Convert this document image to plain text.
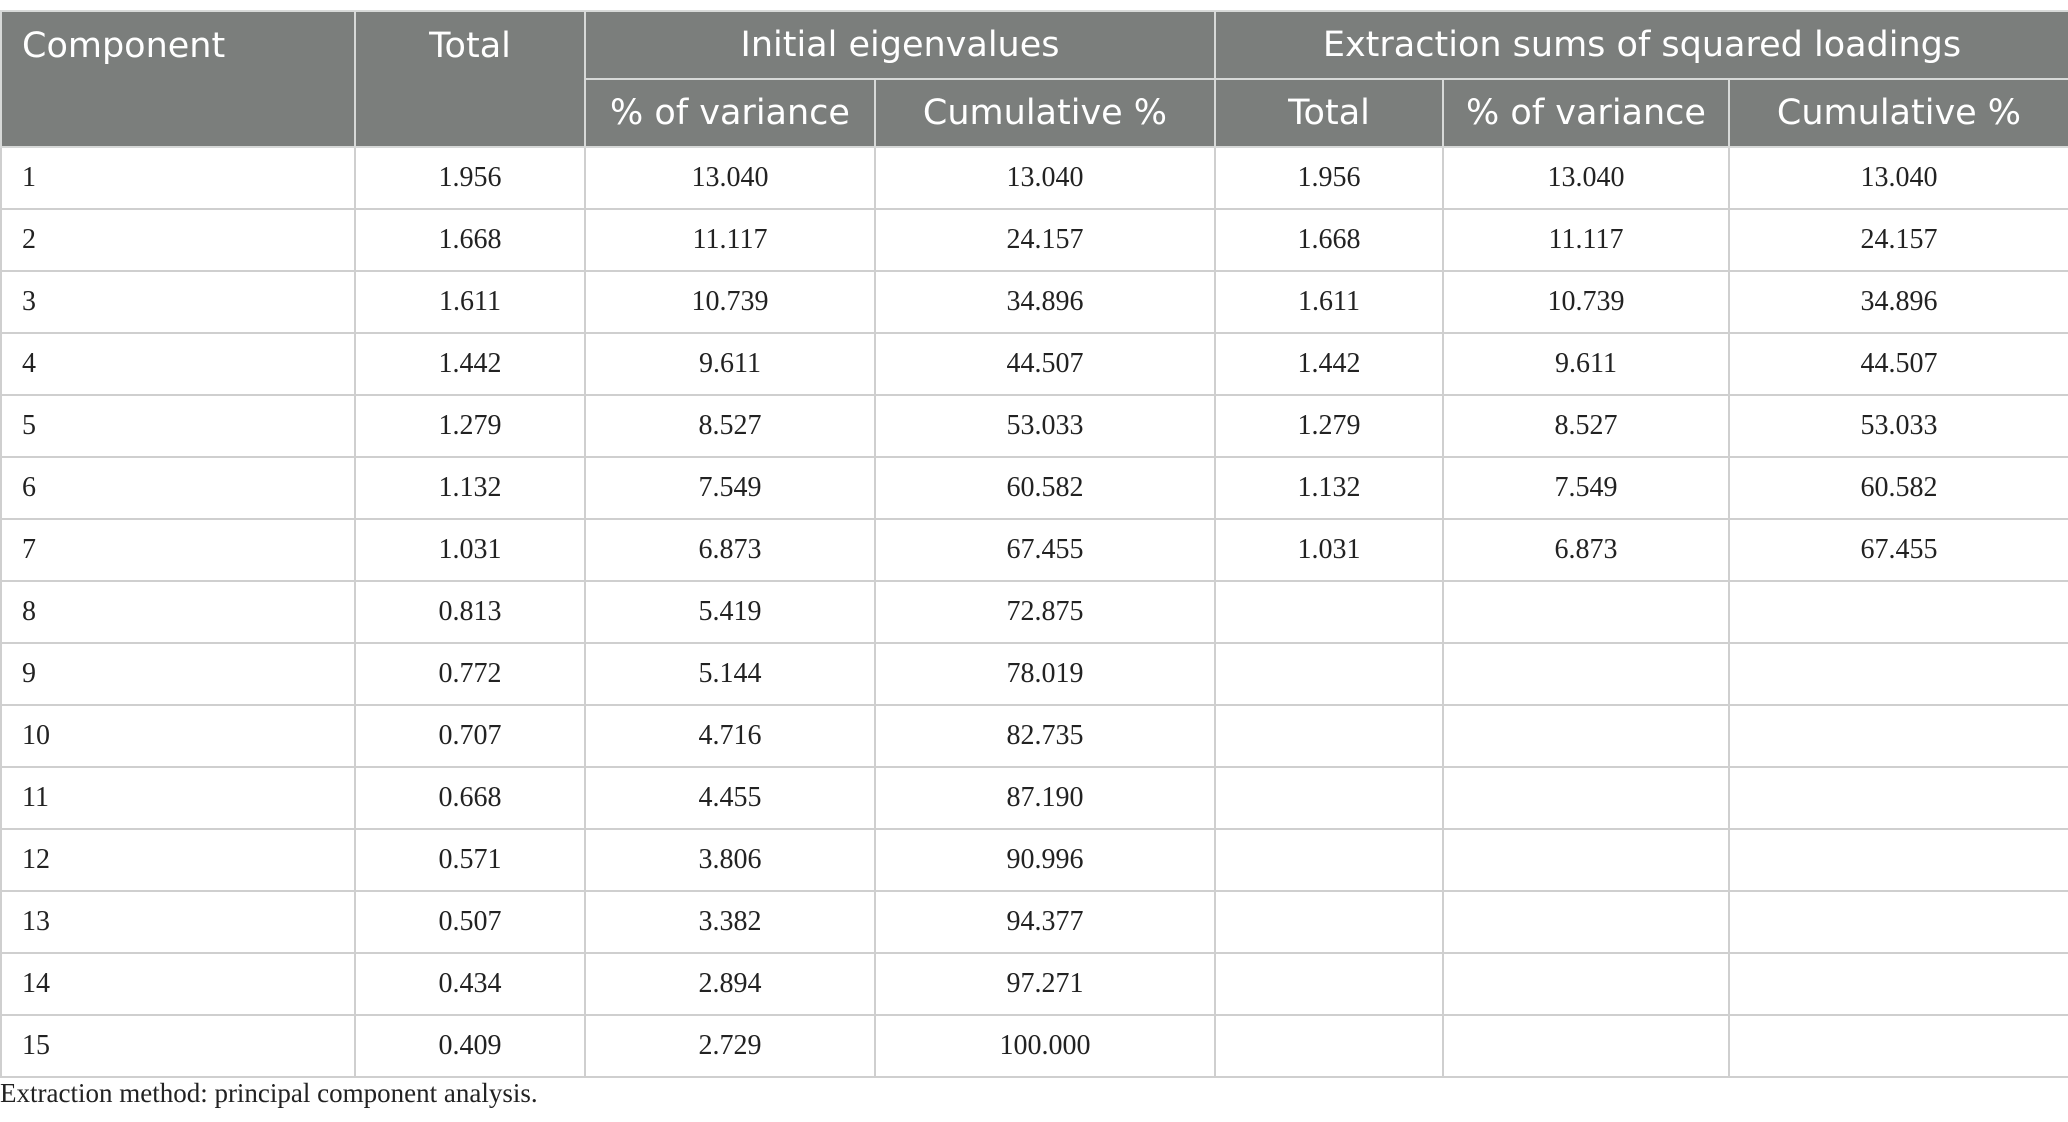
Component	Total	Initial eigenvalues		Extraction sums of squared loadings		
		% of variance	Cumulative %	Total	% of variance	Cumulative %
1	1.956	13.040	13.040	1.956	13.040	13.040
2	1.668	11.117	24.157	1.668	11.117	24.157
3	1.611	10.739	34.896	1.611	10.739	34.896
4	1.442	9.611	44.507	1.442	9.611	44.507
5	1.279	8.527	53.033	1.279	8.527	53.033
6	1.132	7.549	60.582	1.132	7.549	60.582
7	1.031	6.873	67.455	1.031	6.873	67.455
8	0.813	5.419	72.875			
9	0.772	5.144	78.019			
10	0.707	4.716	82.735			
11	0.668	4.455	87.190			
12	0.571	3.806	90.996			
13	0.507	3.382	94.377			
14	0.434	2.894	97.271			
15	0.409	2.729	100.000			
Extraction method: principal component analysis.
